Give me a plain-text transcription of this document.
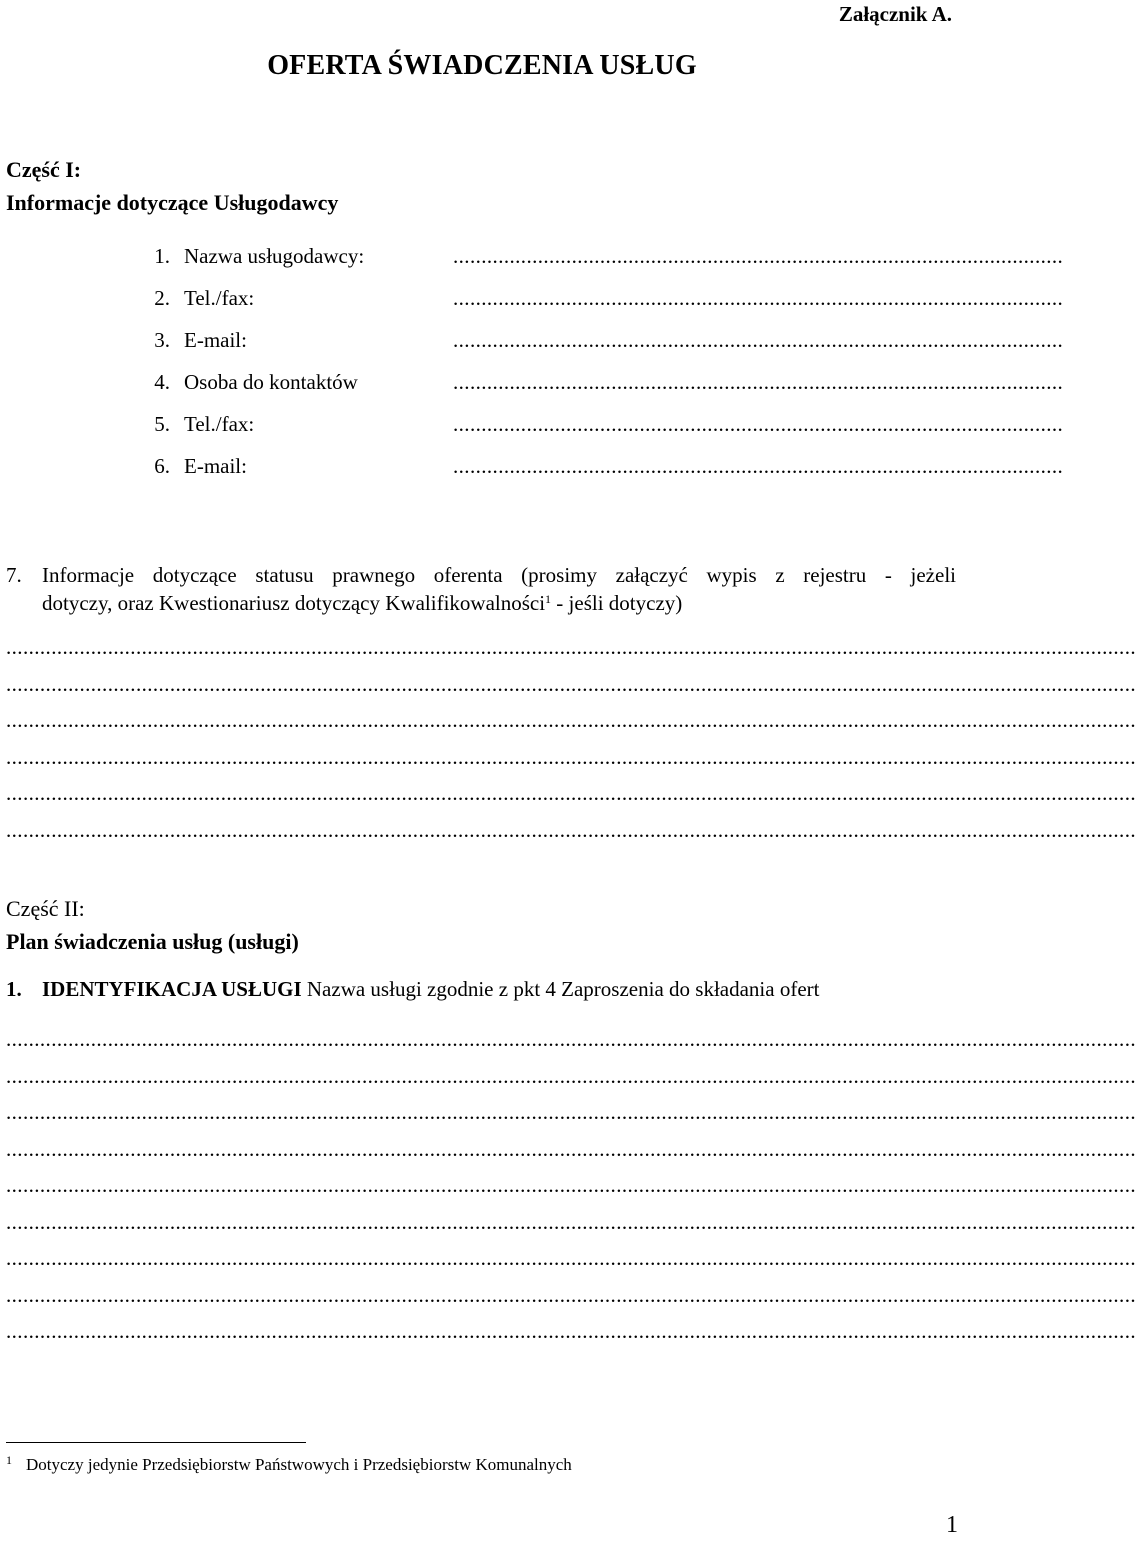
Załącznik A.
OFERTA ŚWIADCZENIA USŁUG
Część I:
Informacje dotyczące Usługodawcy
1. Nazwa usługodawcy:	............................................................................................................
2. Tel./fax:	............................................................................................................
3. E-mail:	............................................................................................................
4. Osoba do kontaktów	............................................................................................................
5. Tel./fax:	............................................................................................................
6. E-mail:	............................................................................................................
7. Informacje dotyczące statusu prawnego oferenta (prosimy załączyć wypis z rejestru - jeżeli
dotyczy, oraz Kwestionariusz dotyczący Kwalifikowalności$^1$ - jeśli dotyczy)
........................................................................................................................................................................................................
........................................................................................................................................................................................................
........................................................................................................................................................................................................
........................................................................................................................................................................................................
........................................................................................................................................................................................................
........................................................................................................................................................................................................
Część II:
Plan świadczenia usług (usługi)
1. IDENTYFIKACJA USŁUGI Nazwa usługi zgodnie z pkt 4 Zaproszenia do składania ofert
........................................................................................................................................................................................................
........................................................................................................................................................................................................
........................................................................................................................................................................................................
........................................................................................................................................................................................................
........................................................................................................................................................................................................
........................................................................................................................................................................................................
........................................................................................................................................................................................................
........................................................................................................................................................................................................
........................................................................................................................................................................................................
$^1$ Dotyczy jedynie Przedsiębiorstw Państwowych i Przedsiębiorstw Komunalnych
1
